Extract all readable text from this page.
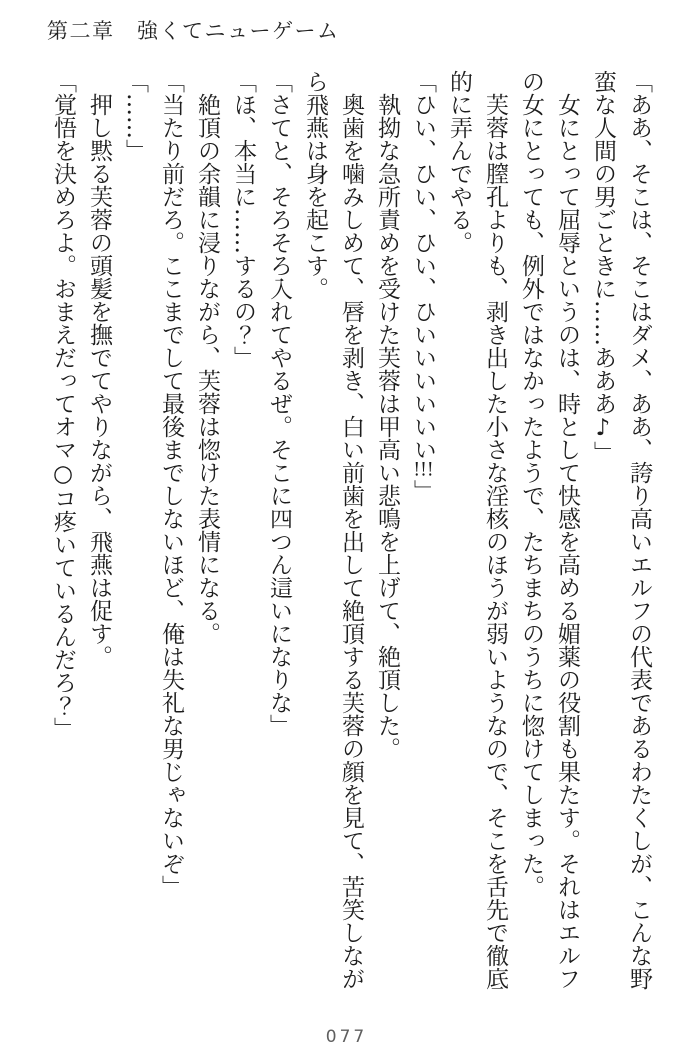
第二章　強くてニューゲーム

「ああ、そこは、そこはダメ、ああ、誇り高いエルフの代表であるわたくしが、こんな野蛮な人間の男ごときに……あああ♪」

女にとって屈辱というのは、時として快感を高める媚薬の役割も果たす。それはエルフの女にとっても、例外ではなかったようで、たちまちのうちに惚けてしまった。

芙蓉は膣孔よりも、剥き出した小さな淫核のほうが弱いようなので、そこを舌先で徹底的に弄んでやる。

「ひい、ひい、ひい、ひいいいいいい!!!」

執拗な急所責めを受けた芙蓉は甲高い悲鳴を上げて、絶頂した。

奥歯を噛みしめて、唇を剥き、白い前歯を出して絶頂する芙蓉の顔を見て、苦笑しながら飛燕は身を起こす。

「さてと、そろそろ入れてやるぜ。そこに四つん這いになりな」

「ほ、本当に……するの？」

絶頂の余韻に浸りながら、芙蓉は惚けた表情になる。

「当たり前だろ。ここまでして最後までしないほど、俺は失礼な男じゃないぞ」

「……」

押し黙る芙蓉の頭髪を撫でてやりながら、飛燕は促す。

「覚悟を決めろよ。おまえだってオマ○コ疼いているんだろ？」

077
